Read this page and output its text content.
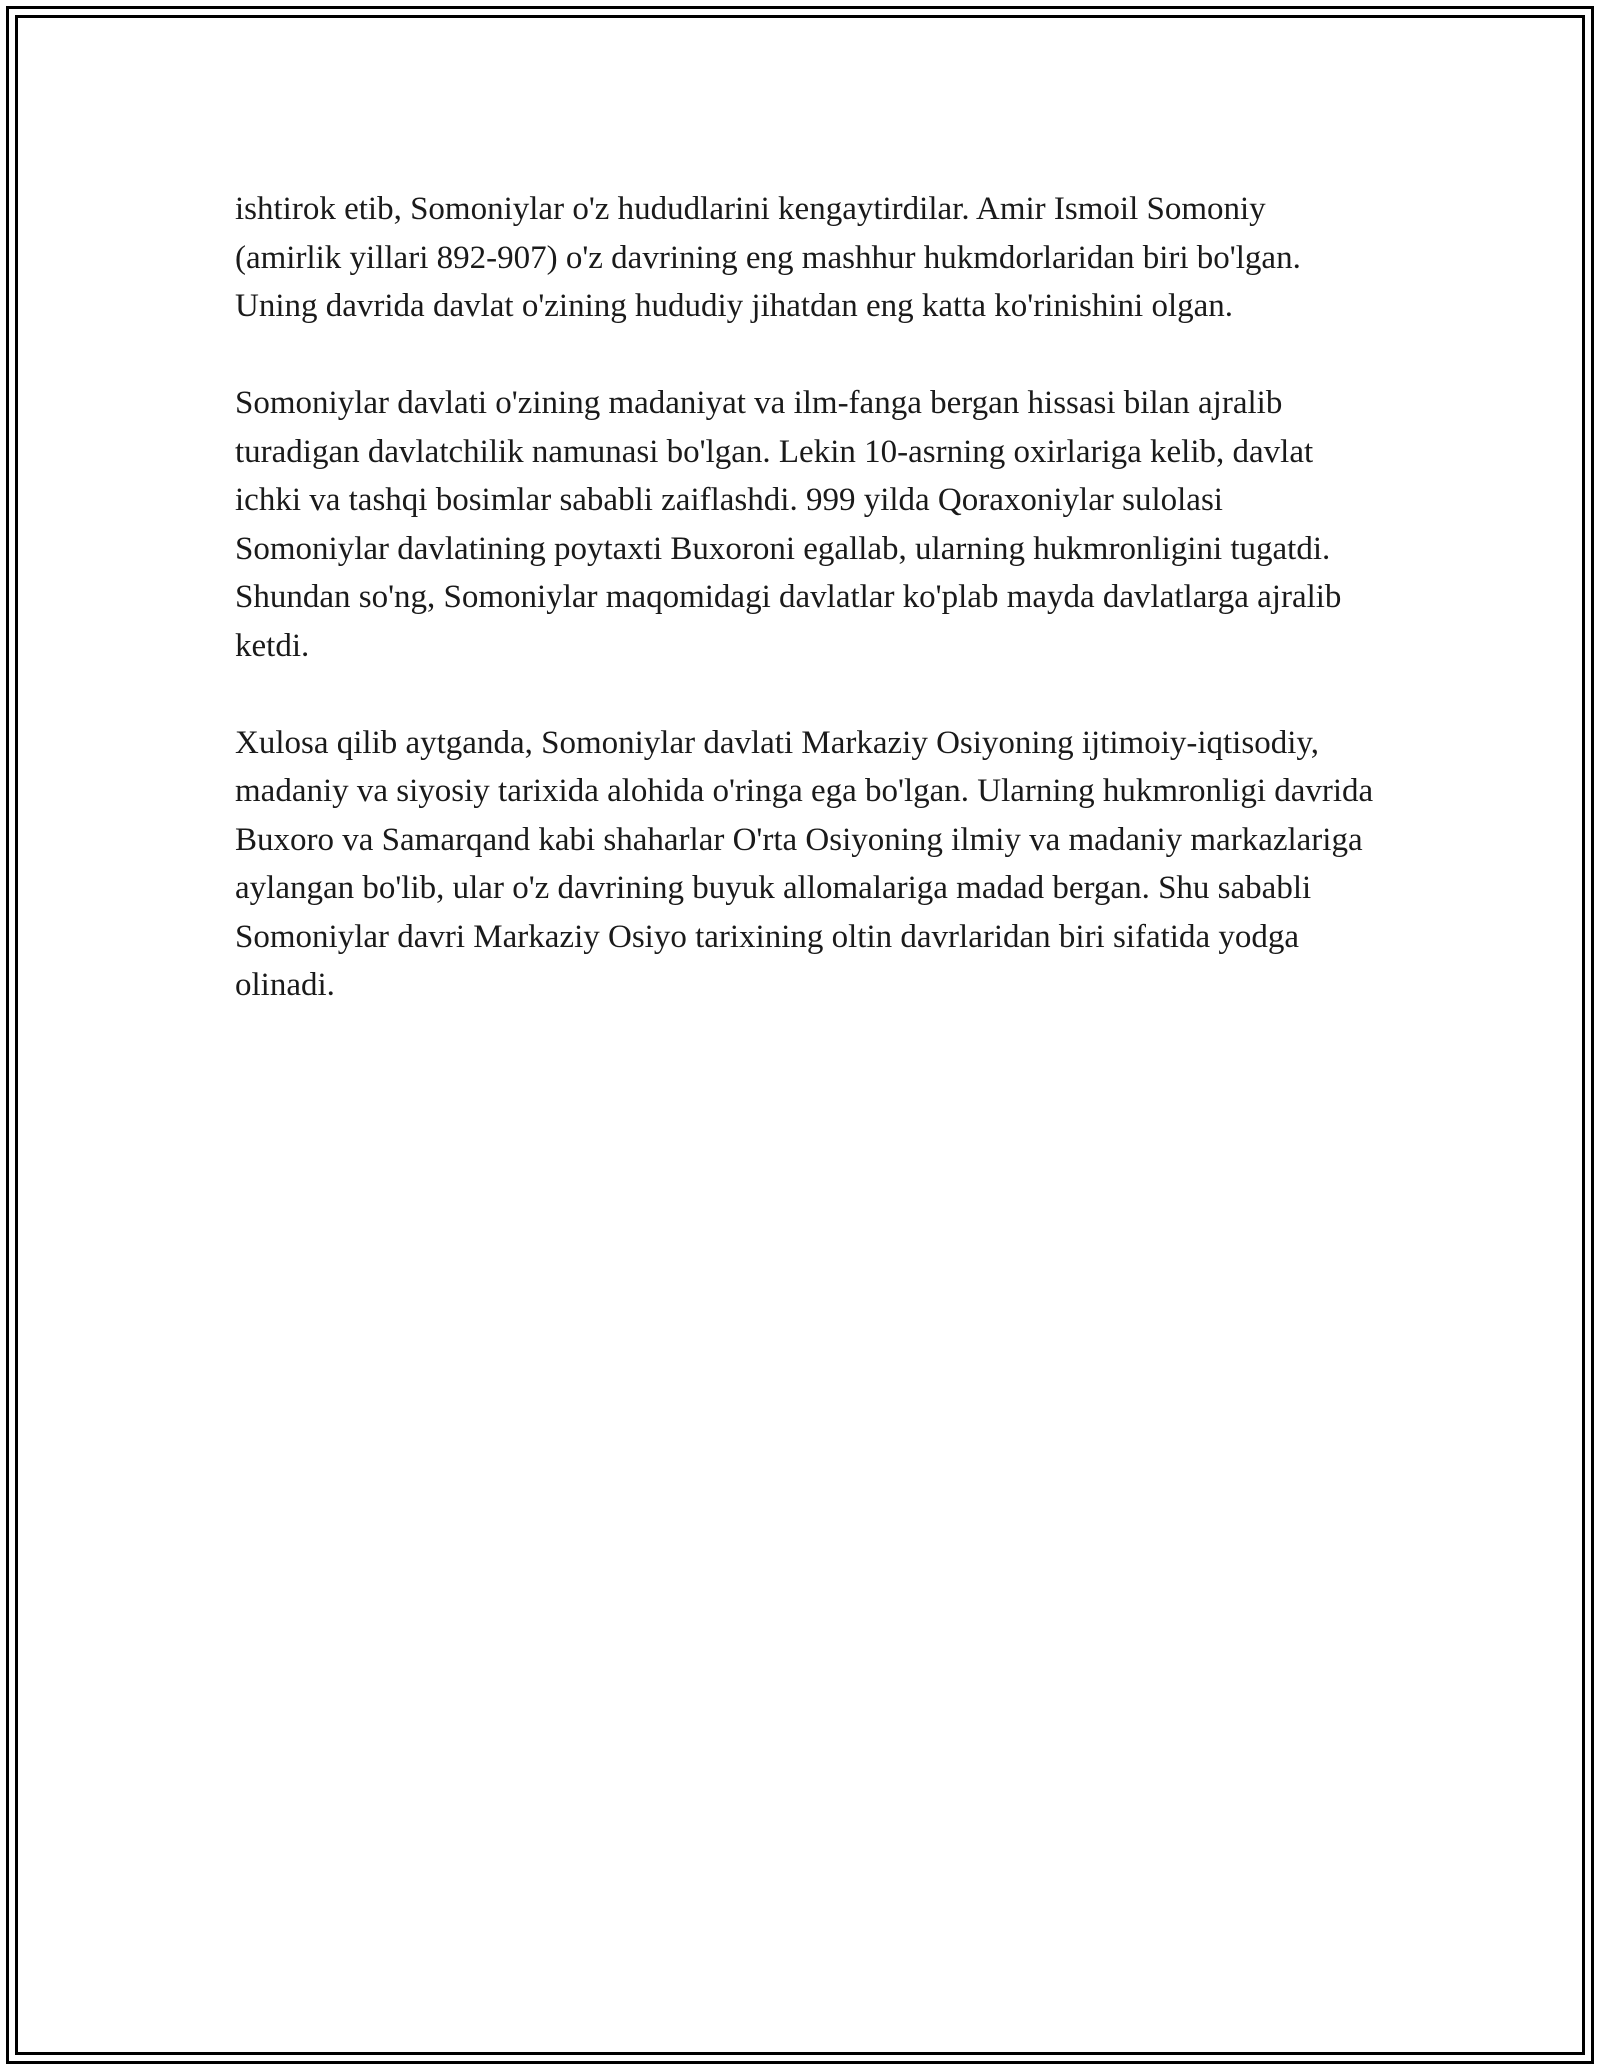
ishtirok etib, Somoniylar o'z hududlarini kengaytirdilar. Amir Ismoil Somoniy (amirlik yillari 892-907) o'z davrining eng mashhur hukmdorlaridan biri bo'lgan. Uning davrida davlat o'zining hududiy jihatdan eng katta ko'rinishini olgan.

Somoniylar davlati o'zining madaniyat va ilm-fanga bergan hissasi bilan ajralib turadigan davlatchilik namunasi bo'lgan. Lekin 10-asrning oxirlariga kelib, davlat ichki va tashqi bosimlar sababli zaiflashdi. 999 yilda Qoraxoniylar sulolasi Somoniylar davlatining poytaxti Buxoroni egallab, ularning hukmronligini tugatdi. Shundan so'ng, Somoniylar maqomidagi davlatlar ko'plab mayda davlatlarga ajralib ketdi.

Xulosa qilib aytganda, Somoniylar davlati Markaziy Osiyoning ijtimoiy-iqtisodiy, madaniy va siyosiy tarixida alohida o'ringa ega bo'lgan. Ularning hukmronligi davrida Buxoro va Samarqand kabi shaharlar O'rta Osiyoning ilmiy va madaniy markazlariga aylangan bo'lib, ular o'z davrining buyuk allomalariga madad bergan. Shu sababli Somoniylar davri Markaziy Osiyo tarixining oltin davrlaridan biri sifatida yodga olinadi.
